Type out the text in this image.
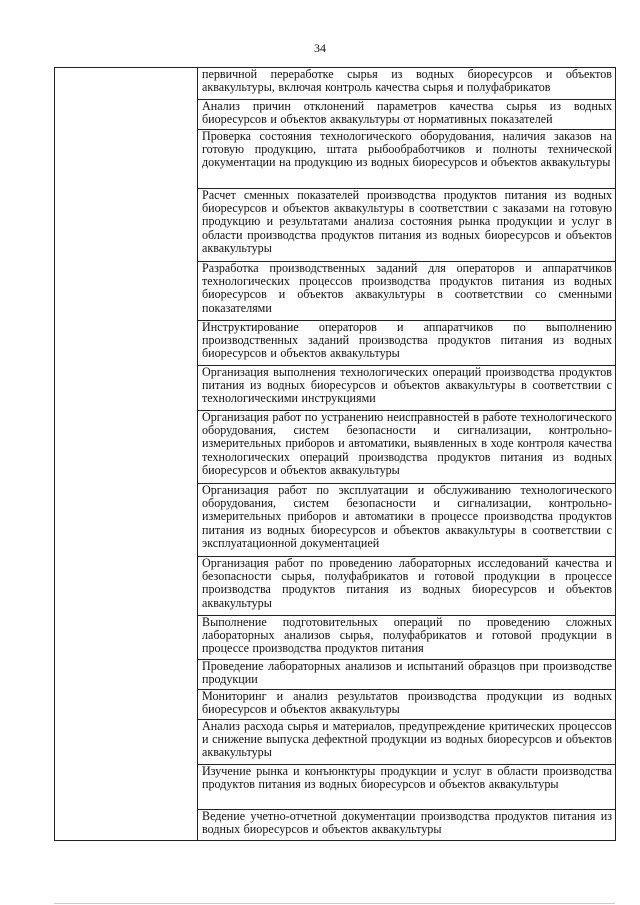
34

первичной переработке сырья из водных биоресурсов и объектов аквакультуры, включая контроль качества сырья и полуфабрикатов

Анализ причин отклонений параметров качества сырья из водных биоресурсов и объектов аквакультуры от нормативных показателей

Проверка состояния технологического оборудования, наличия заказов на готовую продукцию, штата рыбообработчиков и полноты технической документации на продукцию из водных биоресурсов и объектов аквакультуры

Расчет сменных показателей производства продуктов питания из водных биоресурсов и объектов аквакультуры в соответствии с заказами на готовую продукцию и результатами анализа состояния рынка продукции и услуг в области производства продуктов питания из водных биоресурсов и объектов аквакультуры

Разработка производственных заданий для операторов и аппаратчиков технологических процессов производства продуктов питания из водных биоресурсов и объектов аквакультуры в соответствии со сменными показателями

Инструктирование операторов и аппаратчиков по выполнению производственных заданий производства продуктов питания из водных биоресурсов и объектов аквакультуры

Организация выполнения технологических операций производства продуктов питания из водных биоресурсов и объектов аквакультуры в соответствии с технологическими инструкциями

Организация работ по устранению неисправностей в работе технологического оборудования, систем безопасности и сигнализации, контрольно-измерительных приборов и автоматики, выявленных в ходе контроля качества технологических операций производства продуктов питания из водных биоресурсов и объектов аквакультуры

Организация работ по эксплуатации и обслуживанию технологического оборудования, систем безопасности и сигнализации, контрольно-измерительных приборов и автоматики в процессе производства продуктов питания из водных биоресурсов и объектов аквакультуры в соответствии с эксплуатационной документацией

Организация работ по проведению лабораторных исследований качества и безопасности сырья, полуфабрикатов и готовой продукции в процессе производства продуктов питания из водных биоресурсов и объектов аквакультуры

Выполнение подготовительных операций по проведению сложных лабораторных анализов сырья, полуфабрикатов и готовой продукции в процессе производства продуктов питания

Проведение лабораторных анализов и испытаний образцов при производстве продукции

Мониторинг и анализ результатов производства продукции из водных биоресурсов и объектов аквакультуры

Анализ расхода сырья и материалов, предупреждение критических процессов и снижение выпуска дефектной продукции из водных биоресурсов и объектов аквакультуры

Изучение рынка и конъюнктуры продукции и услуг в области производства продуктов питания из водных биоресурсов и объектов аквакультуры

Ведение учетно-отчетной документации производства продуктов питания из водных биоресурсов и объектов аквакультуры
